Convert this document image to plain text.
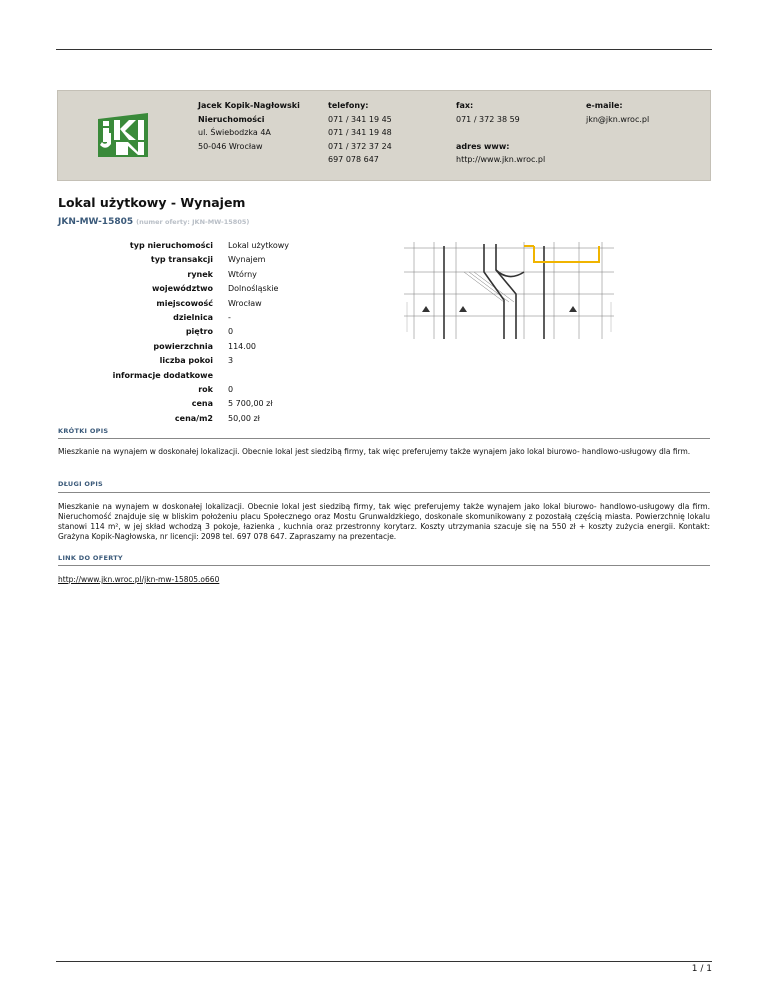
Jacek Kopik-Nagłowski
Nieruchomości
ul. Świebodzka 4A
50-046 Wrocław
telefony:
071 / 341 19 45
071 / 341 19 48
071 / 372 37 24
697 078 647
fax:
071 / 372 38 59
adres www:
http://www.jkn.wroc.pl
e-maile:
jkn@jkn.wroc.pl
Lokal użytkowy - Wynajem
JKN-MW-15805 (numer oferty: JKN-MW-15805)
typ nieruchomości Lokal użytkowy
typ transakcji Wynajem
rynek Wtórny
województwo Dolnośląskie
miejscowość Wrocław
dzielnica -
piętro 0
powierzchnia 114.00
liczba pokoi 3
informacje dodatkowe
rok 0
cena 5 700,00 zł
cena/m2 50,00 zł
KRÓTKI OPIS
Mieszkanie na wynajem w doskonałej lokalizacji. Obecnie lokal jest siedzibą firmy, tak więc preferujemy także wynajem jako lokal biurowo- handlowo-usługowy dla firm.
DŁUGI OPIS
Mieszkanie na wynajem w doskonałej lokalizacji. Obecnie lokal jest siedzibą firmy, tak więc preferujemy także wynajem jako lokal biurowo- handlowo-usługowy dla firm. Nieruchomość znajduje się w bliskim położeniu placu Społecznego oraz Mostu Grunwaldzkiego, doskonale skomunikowany z pozostałą częścią miasta. Powierzchnię lokalu stanowi 114 m², w jej skład wchodzą 3 pokoje, łazienka , kuchnia oraz przestronny korytarz. Koszty utrzymania szacuje się na 550 zł + koszty zużycia energii. Kontakt: Grażyna Kopik-Nagłowska, nr licencji: 2098 tel. 697 078 647. Zapraszamy na prezentacje.
LINK DO OFERTY
http://www.jkn.wroc.pl/jkn-mw-15805.o660
1 / 1
